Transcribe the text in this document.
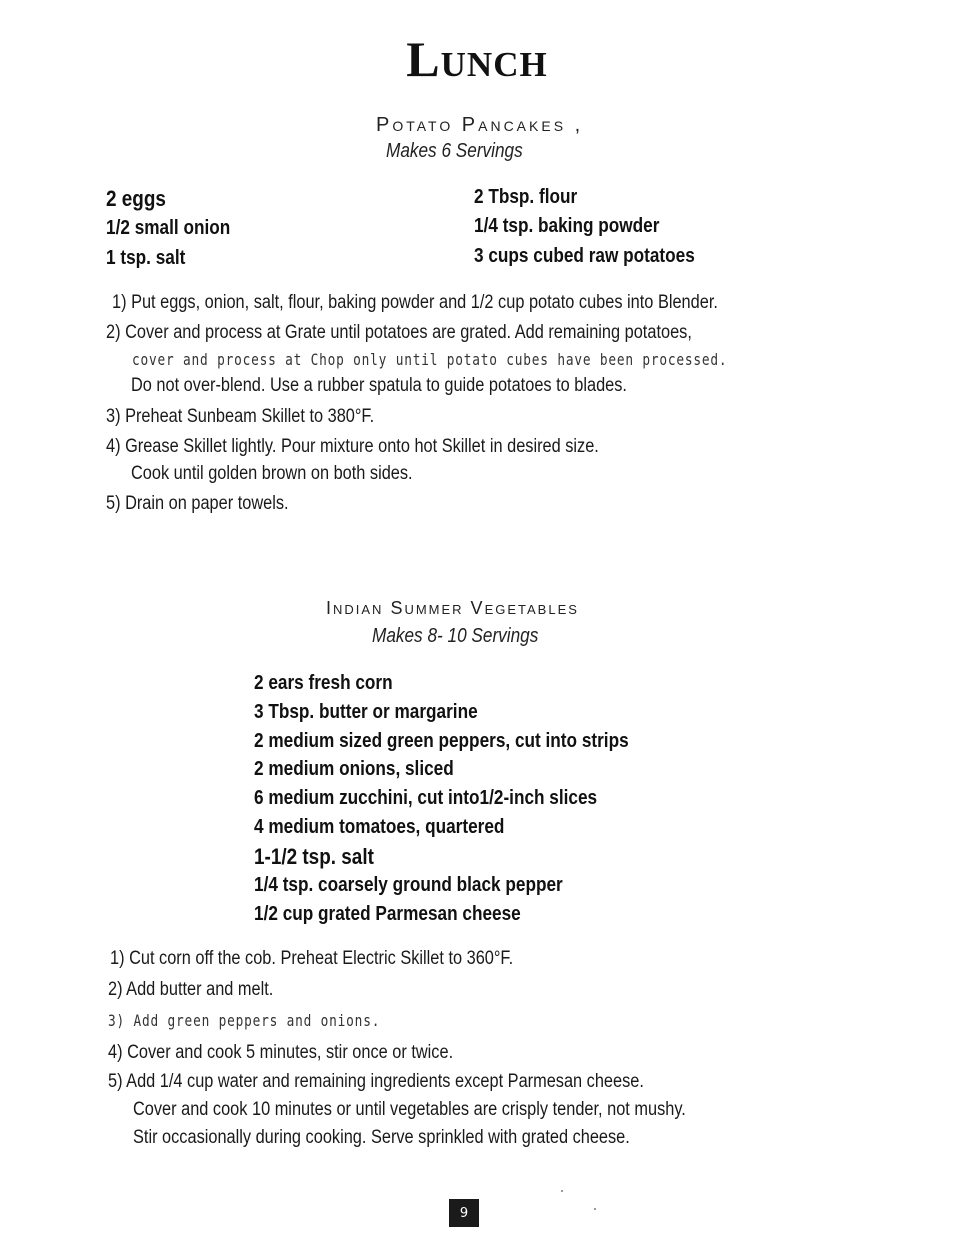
Lunch
Potato Pancakes ,

Makes 6 Servings

2 eggs

1/2 small onion

1 tsp. salt

2 Tbsp. flour

1/4 tsp. baking powder

3 cups cubed raw potatoes

1) Put eggs, onion, salt, flour, baking powder and 1/2 cup potato cubes into Blender.

2) Cover and process at Grate until potatoes are grated. Add remaining potatoes,

cover and process at Chop only until potato cubes have been processed.

Do not over-blend. Use a rubber spatula to guide potatoes to blades.

3) Preheat Sunbeam Skillet to 380°F.

4) Grease Skillet lightly. Pour mixture onto hot Skillet in desired size.

Cook until golden brown on both sides.

5) Drain on paper towels.

Indian Summer Vegetables

Makes 8- 10 Servings

2 ears fresh corn

3 Tbsp. butter or margarine

2 medium sized green peppers, cut into strips

2 medium onions, sliced

6 medium zucchini, cut into1/2-inch slices

4 medium tomatoes, quartered

1-1/2 tsp. salt

1/4 tsp. coarsely ground black pepper

1/2 cup grated Parmesan cheese

1) Cut corn off the cob. Preheat Electric Skillet to 360°F.

2) Add butter and melt.

3) Add green peppers and onions.

4) Cover and cook 5 minutes, stir once or twice.

5) Add 1/4 cup water and remaining ingredients except Parmesan cheese.

Cover and cook 10 minutes or until vegetables are crisply tender, not mushy.

Stir occasionally during cooking. Serve sprinkled with grated cheese.

9
